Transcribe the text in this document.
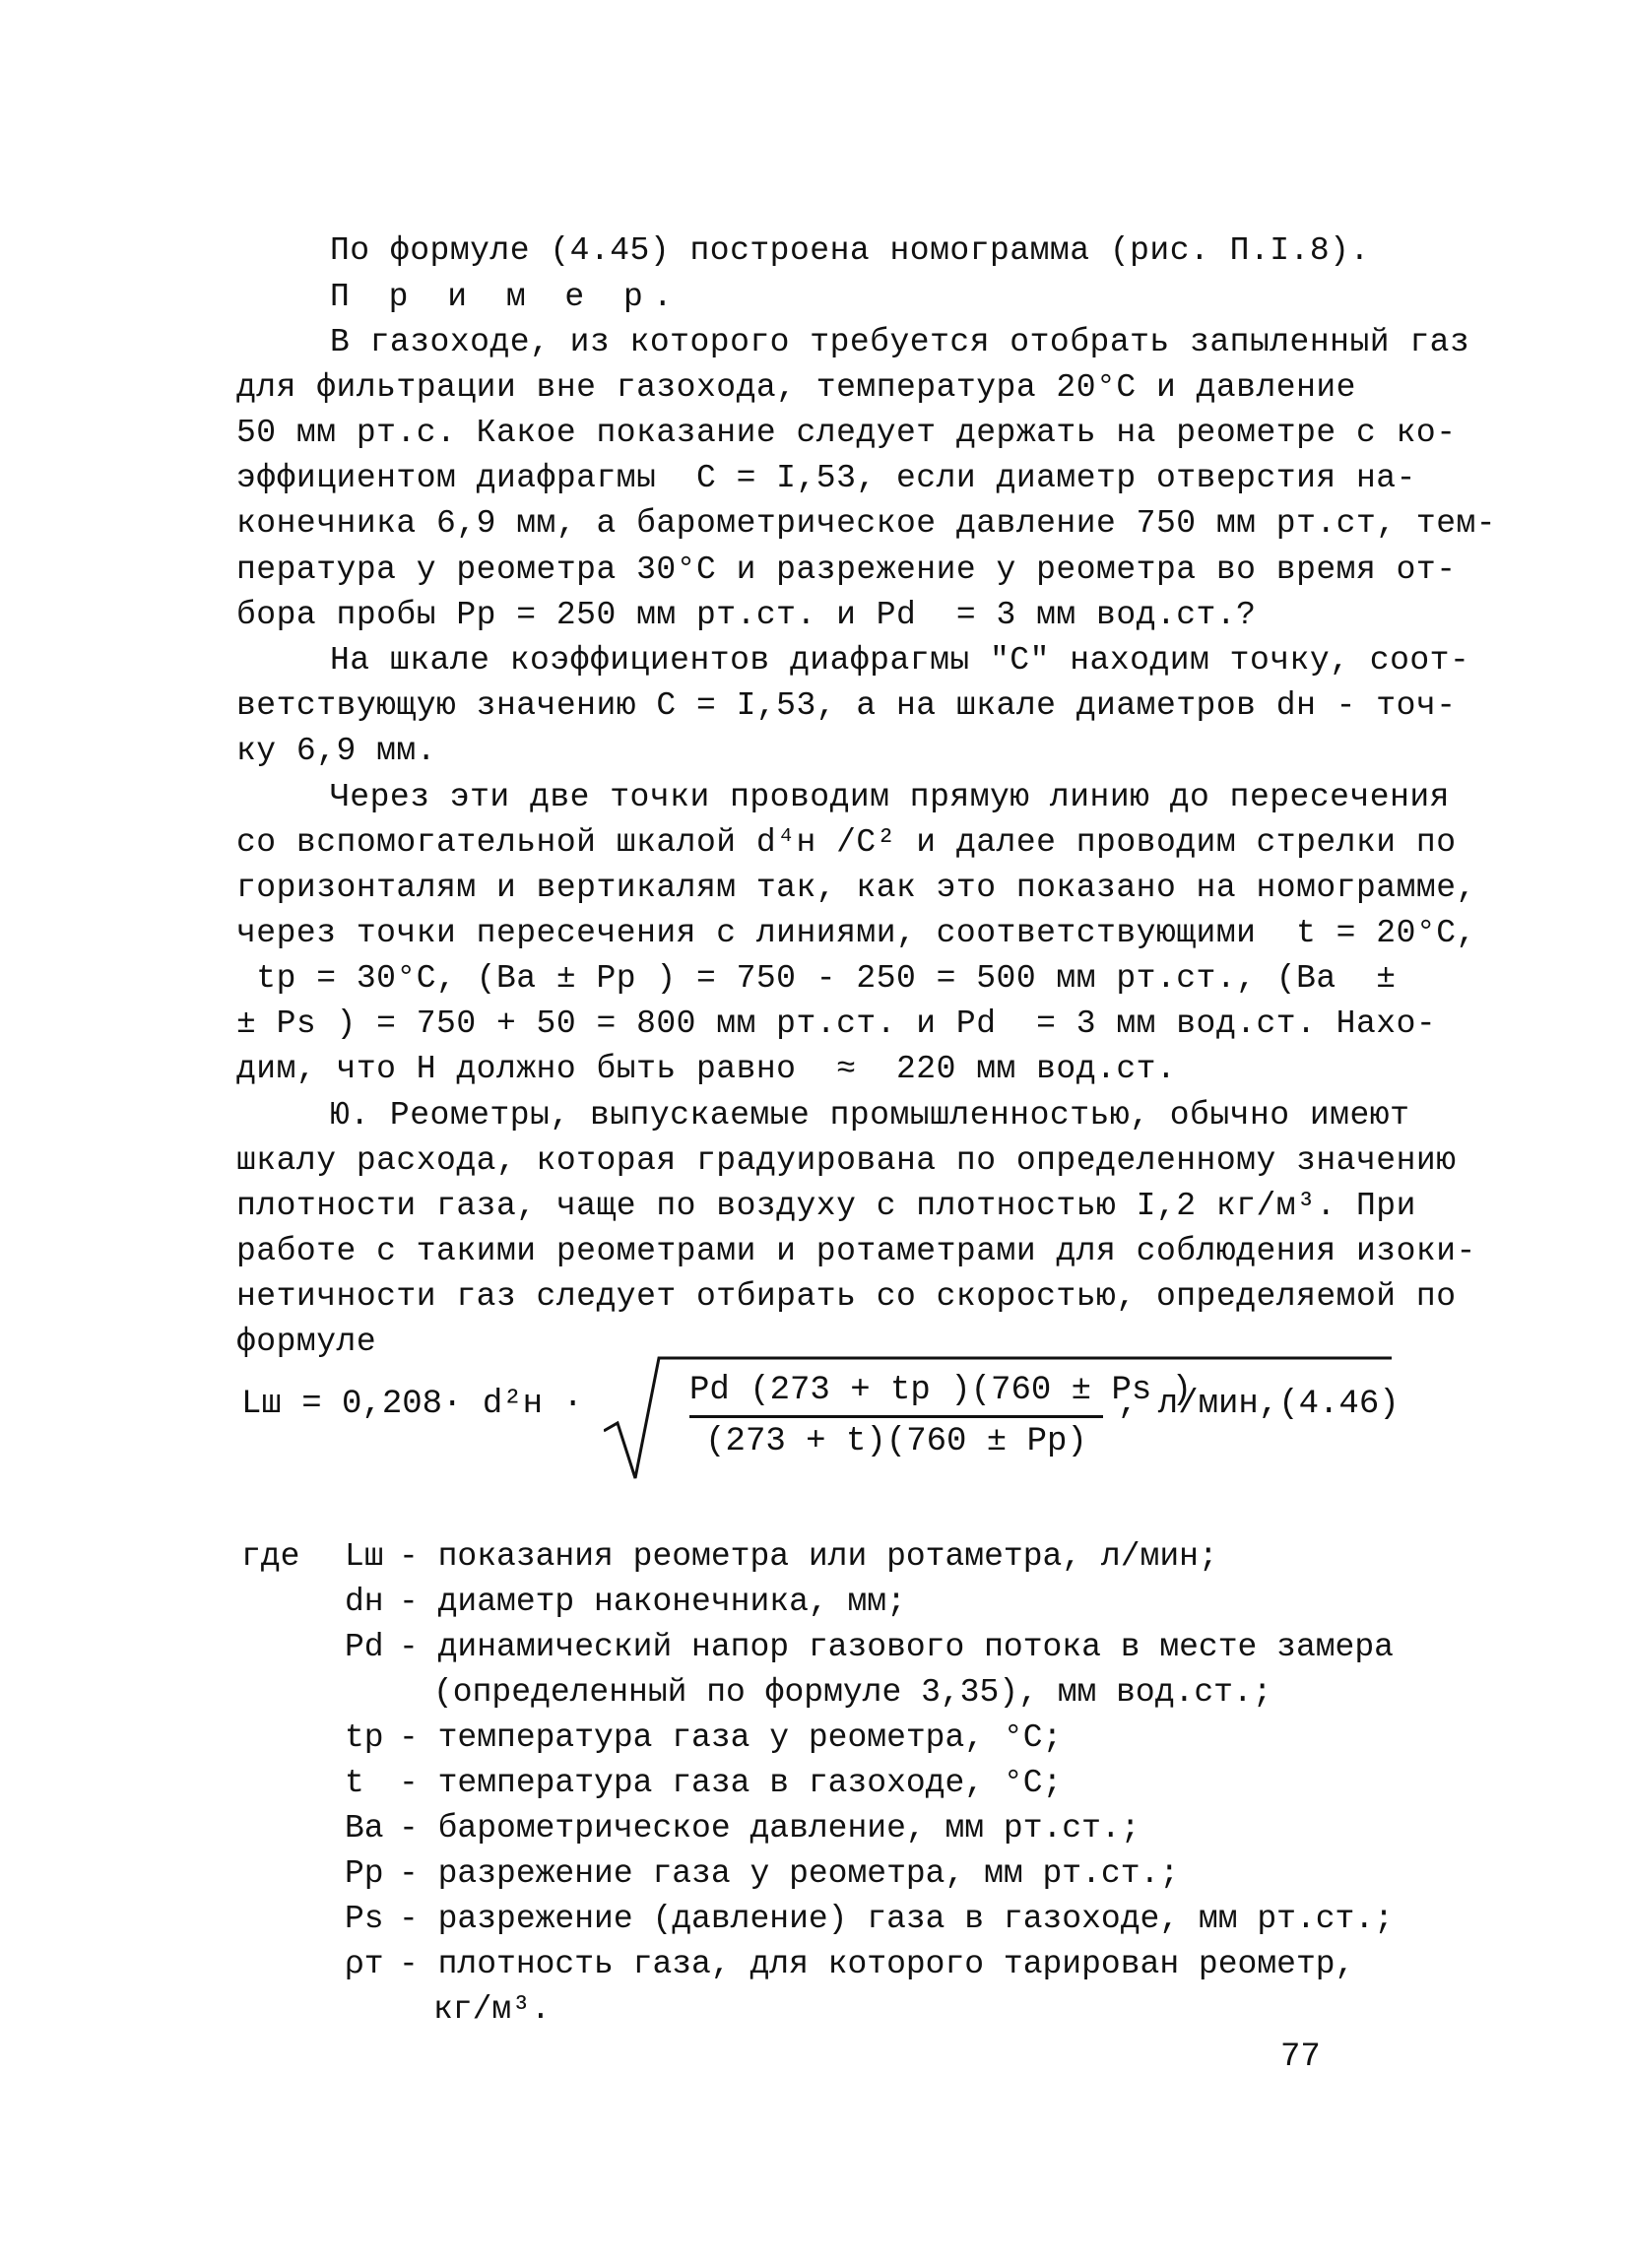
По формуле (4.45) построена номограмма (рис. П.I.8).
П р и м е р.
В газоходе, из которого требуется отобрать запыленный газ
для фильтрации вне газохода, температура 20°С и давление
50 мм рт.с. Какое показание следует держать на реометре с ко-
эффициентом диафрагмы  С = I,53, если диаметр отверстия на-
конечника 6,9 мм, а барометрическое давление 750 мм рт.ст, тем-
пература у реометра 30°С и разрежение у реометра во время от-
бора пробы Pр = 250 мм рт.ст. и Pd  = 3 мм вод.ст.?
На шкале коэффициентов диафрагмы "С" находим точку, соот-
ветствующую значению С = I,53, а на шкале диаметров dн - точ-
ку 6,9 мм.
Через эти две точки проводим прямую линию до пересечения
со вспомогательной шкалой d⁴н /С² и далее проводим стрелки по
горизонталям и вертикалям так, как это показано на номограмме,
через точки пересечения с линиями, соответствующими  t = 20°С,
tр = 30°С, (Ва ± Pр ) = 750 - 250 = 500 мм рт.ст., (Ва  ±
± Ps ) = 750 + 50 = 800 мм рт.ст. и Pd  = 3 мм вод.ст. Нахо-
дим, что Н должно быть равно  ≈  220 мм вод.ст.
Ю. Реометры, выпускаемые промышленностью, обычно имеют
шкалу расхода, которая градуирована по определенному значению
плотности газа, чаще по воздуху с плотностью I,2 кг/м³. При
работе с такими реометрами и ротаметрами для соблюдения изоки-
нетичности газ следует отбирать со скоростью, определяемой по
формуле
Lш = 0,208· d²н ·	Pd (273 + tр )(760 ± Ps )
(273 + t)(760 ± Pр)
, л/мин,(4.46)
где Lш - показания реометра или ротаметра, л/мин;
dн - диаметр наконечника, мм;
Pd - динамический напор газового потока в месте замера
(определенный по формуле 3,35), мм вод.ст.;
tр - температура газа у реометра, °С;
t	- температура газа в газоходе, °С;
Ва - барометрическое давление, мм рт.ст.;
Pр - разрежение газа у реометра, мм рт.ст.;
Ps - разрежение (давление) газа в газоходе, мм рт.ст.;
ρт - плотность газа, для которого тарирован реометр,
кг/м³.
77
